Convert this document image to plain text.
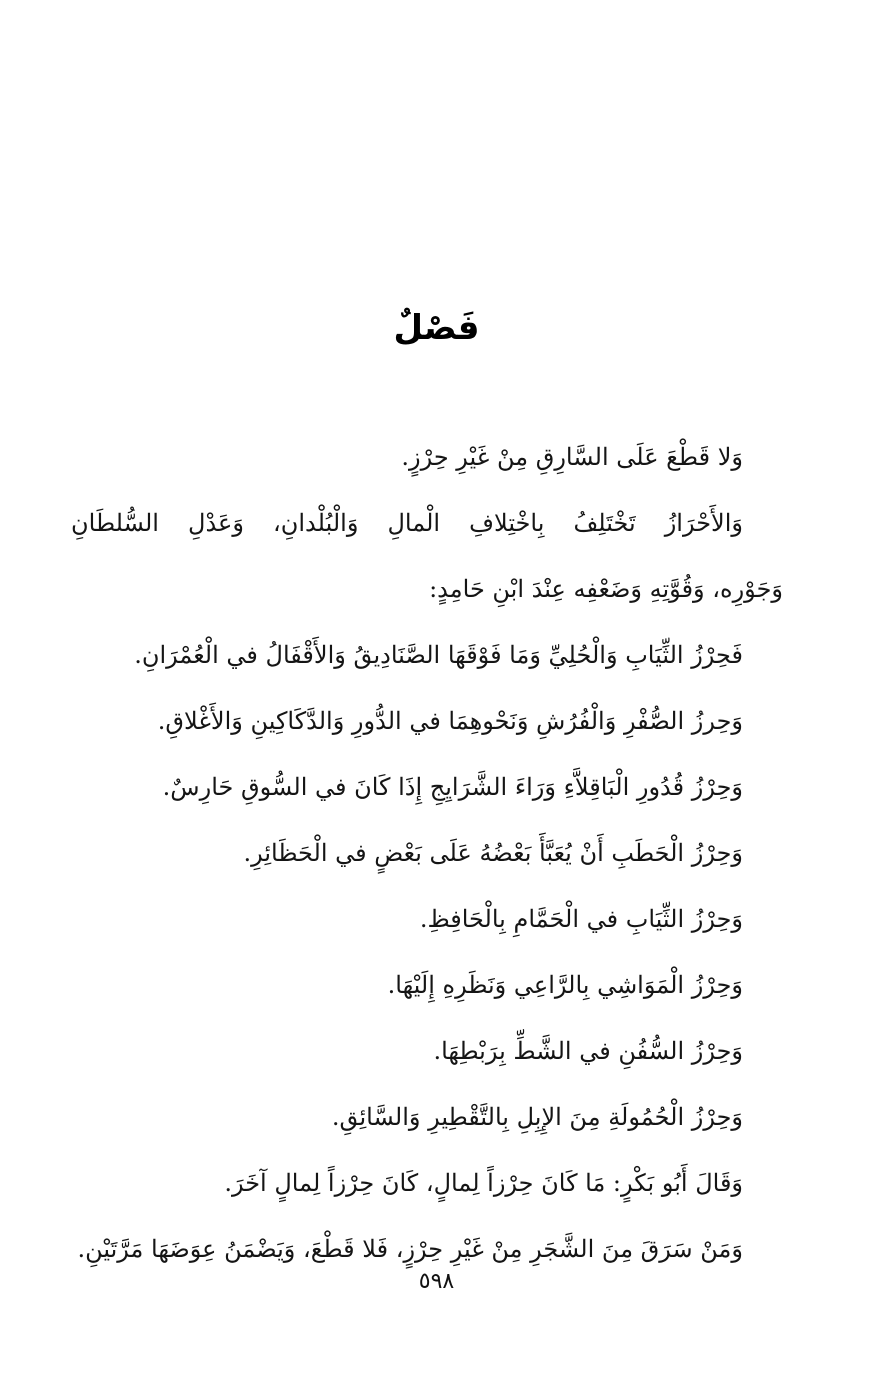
فَصْلٌ
وَلا قَطْعَ عَلَى السَّارِقِ مِنْ غَيْرِ حِرْزٍ.
وَالأَحْرَازُ تَخْتَلِفُ بِاخْتِلافِ الْمالِ وَالْبُلْدانِ، وَعَدْلِ السُّلطَانِ
وَجَوْرِه، وَقُوَّتِهِ وَضَعْفِه عِنْدَ ابْنِ حَامِدٍ:
فَحِرْزُ الثِّيَابِ وَالْحُلِيِّ وَمَا فَوْقَهَا الصَّنَادِيقُ وَالأَقْفَالُ في الْعُمْرَانِ.
وَحِرزُ الصُّفْرِ وَالْفُرُشِ وَنَحْوهِمَا في الدُّورِ وَالدَّكَاكِينِ وَالأَغْلاقِ.
وَحِرْزُ قُدُورِ الْبَاقِلاَّءِ وَرَاءَ الشَّرَايِجِ إِذَا كَانَ في السُّوقِ حَارِسٌ.
وَحِرْزُ الْحَطَبِ أَنْ يُعَبَّأَ بَعْضُهُ عَلَى بَعْضٍ في الْحَظَائِرِ.
وَحِرْزُ الثِّيَابِ في الْحَمَّامِ بِالْحَافِظِ.
وَحِرْزُ الْمَوَاشِي بِالرَّاعِي وَنَظَرِهِ إِلَيْهَا.
وَحِرْزُ السُّفُنِ في الشَّطِّ بِرَبْطِهَا.
وَحِرْزُ الْحُمُولَةِ مِنَ الإِبِلِ بِالتَّقْطِيرِ وَالسَّائِقِ.
وَقَالَ أَبُو بَكْرٍ: مَا كَانَ حِرْزاً لِمالٍ، كَانَ حِرْزاً لِمالٍ آخَرَ.
وَمَنْ سَرَقَ مِنَ الشَّجَرِ مِنْ غَيْرِ حِرْزٍ، فَلا قَطْعَ، وَيَضْمَنُ عِوَضَهَا مَرَّتَيْنِ.
٥٩٨
